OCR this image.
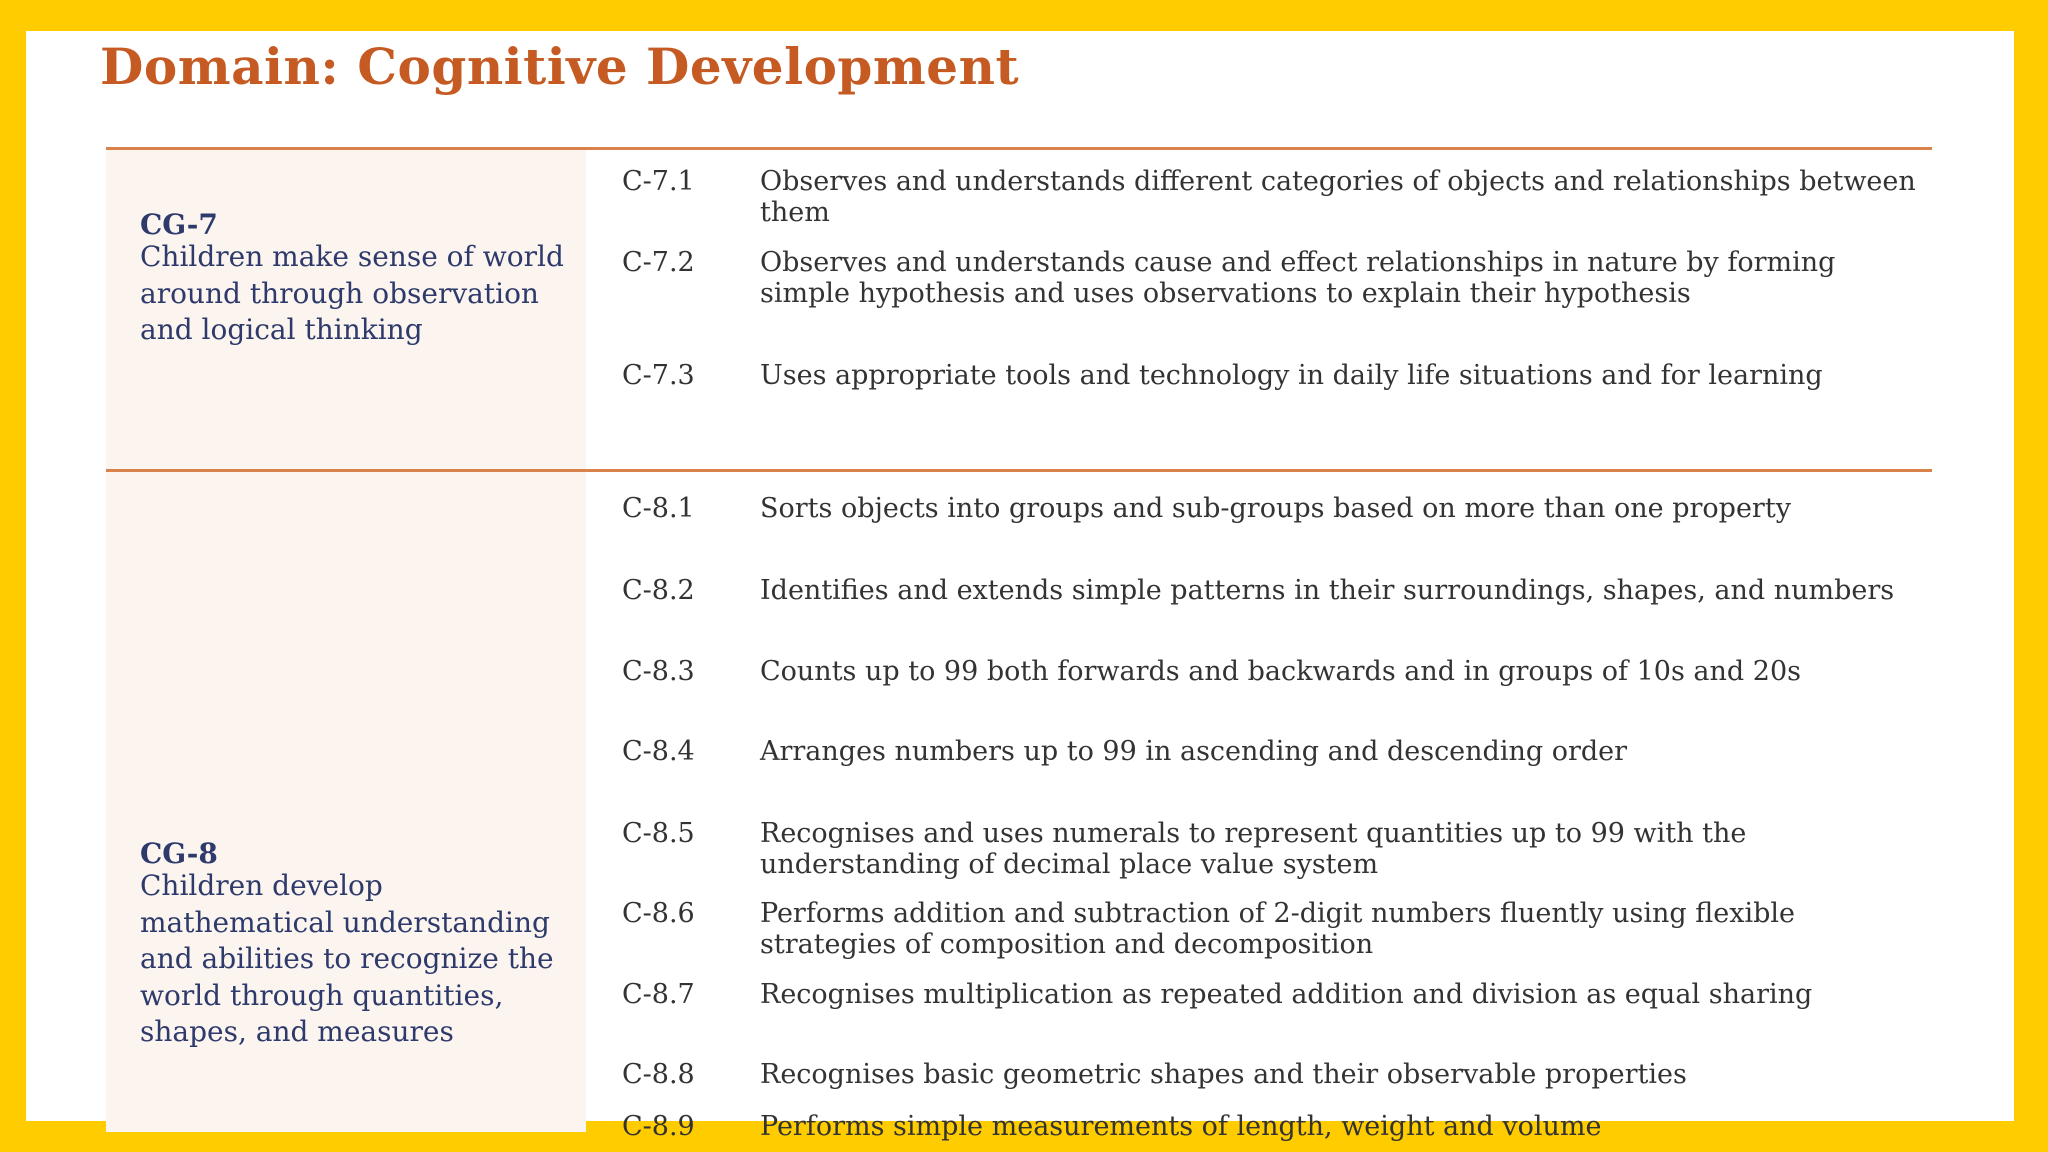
Domain: Cognitive Development
CG-7
Children make sense of world around through observation and logical thinking
C-7.1 Observes and understands different categories of objects and relationships between them
C-7.2 Observes and understands cause and effect relationships in nature by forming simple hypothesis and uses observations to explain their hypothesis
C-7.3 Uses appropriate tools and technology in daily life situations and for learning
CG-8
Children develop mathematical understanding and abilities to recognize the world through quantities, shapes, and measures
C-8.1 Sorts objects into groups and sub-groups based on more than one property
C-8.2 Identifies and extends simple patterns in their surroundings, shapes, and numbers
C-8.3 Counts up to 99 both forwards and backwards and in groups of 10s and 20s
C-8.4 Arranges numbers up to 99 in ascending and descending order
C-8.5 Recognises and uses numerals to represent quantities up to 99 with the understanding of decimal place value system
C-8.6 Performs addition and subtraction of 2-digit numbers fluently using flexible strategies of composition and decomposition
C-8.7 Recognises multiplication as repeated addition and division as equal sharing
C-8.8 Recognises basic geometric shapes and their observable properties
C-8.9 Performs simple measurements of length, weight and volume
